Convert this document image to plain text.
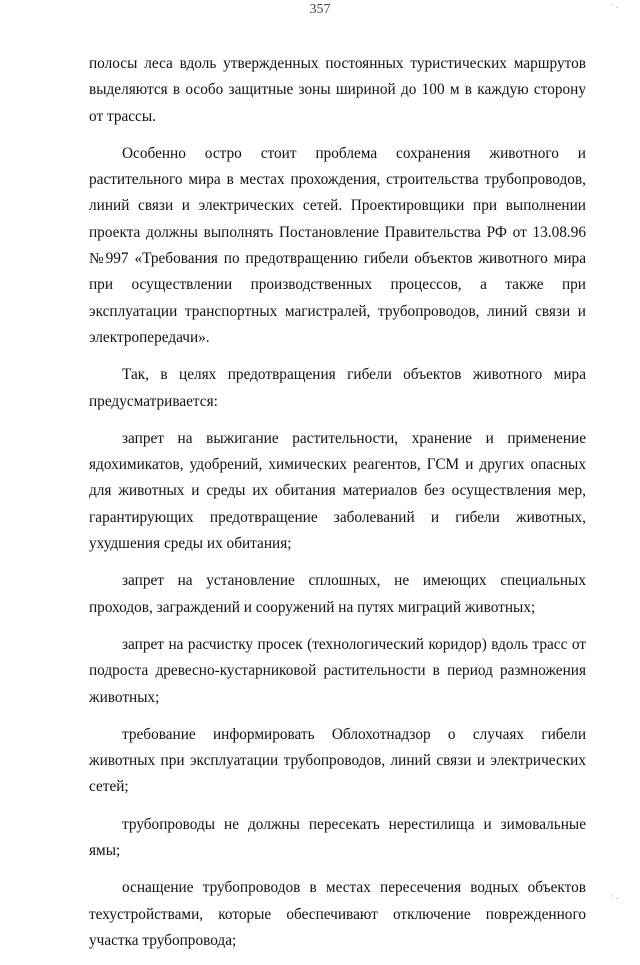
357	· .
· .

полосы леса вдоль утвержденных постоянных туристических маршрутов выделяются в особо защитные зоны шириной до 100 м в каждую сторону от трассы.

Особенно остро стоит проблема сохранения животного и растительного мира в местах прохождения, строительства трубопроводов, линий связи и электрических сетей. Проектировщики при выполнении проекта должны выполнять Постановление Правительства РФ от 13.08.96 №997 «Требования по предотвращению гибели объектов животного мира при осуществлении производственных процессов, а также при эксплуатации транспортных магистралей, трубопроводов, линий связи и электропередачи».

Так, в целях предотвращения гибели объектов животного мира предусматривается:

запрет на выжигание растительности, хранение и применение ядохимикатов, удобрений, химических реагентов, ГСМ и других опасных для животных и среды их обитания материалов без осуществления мер, гарантирующих предотвращение заболеваний и гибели животных, ухудшения среды их обитания;

запрет на установление сплошных, не имеющих специальных проходов, заграждений и сооружений на путях миграций животных;

запрет на расчистку просек (технологический коридор) вдоль трасс от подроста древесно-кустарниковой растительности в период размножения животных;

требование информировать Облохотнадзор о случаях гибели животных при эксплуатации трубопроводов, линий связи и электрических сетей;

трубопроводы не должны пересекать нерестилища и зимовальные ямы;

оснащение трубопроводов в местах пересечения водных объектов техустройствами, которые обеспечивают отключение поврежденного участка трубопровода;
